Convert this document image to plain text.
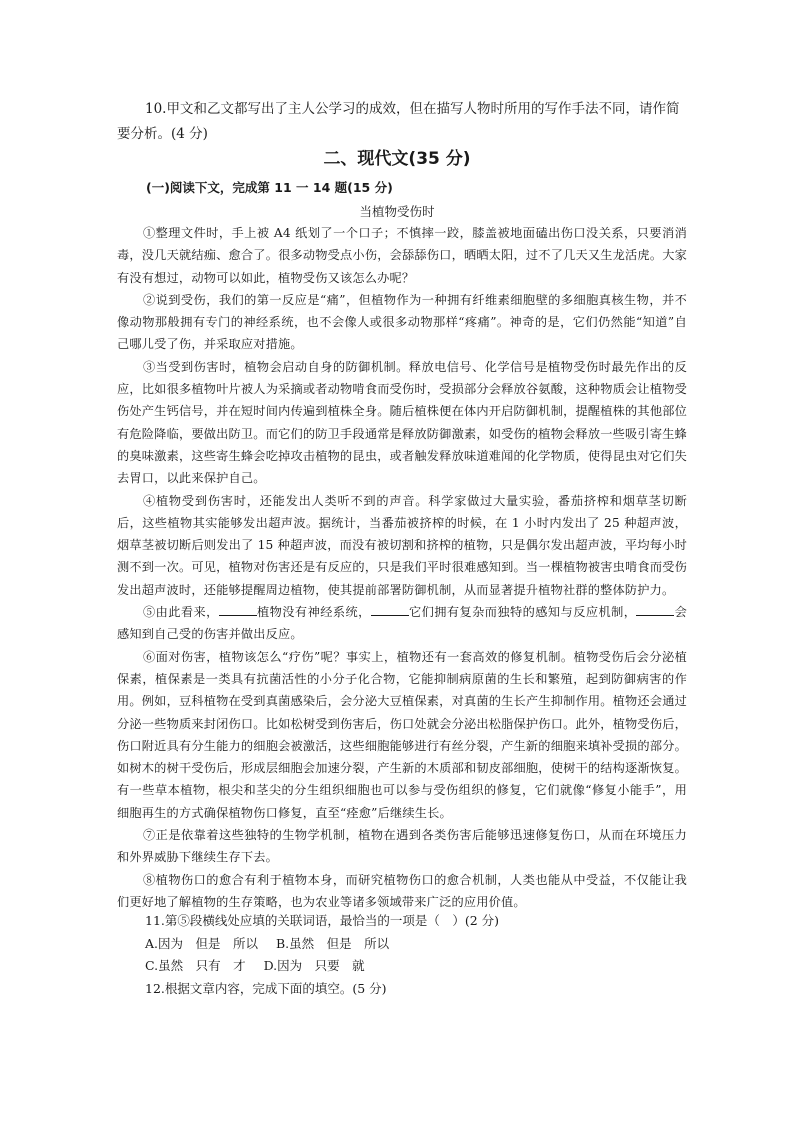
10.甲文和乙文都写出了主人公学习的成效，但在描写人物时所用的写作手法不同，请作简要分析。(4 分)

二、现代文(35 分)

(一)阅读下文，完成第 11 一 14 题(15 分)

当植物受伤时

①整理文件时，手上被 A4 纸划了一个口子；不慎摔一跤，膝盖被地面磕出伤口没关系，只要消消毒，没几天就结痂、愈合了。很多动物受点小伤，会舔舔伤口，晒晒太阳，过不了几天又生龙活虎。大家有没有想过，动物可以如此，植物受伤又该怎么办呢？

②说到受伤，我们的第一反应是“痛”，但植物作为一种拥有纤维素细胞壁的多细胞真核生物，并不像动物那般拥有专门的神经系统，也不会像人或很多动物那样“疼痛”。神奇的是，它们仍然能“知道”自己哪儿受了伤，并采取应对措施。

③当受到伤害时，植物会启动自身的防御机制。释放电信号、化学信号是植物受伤时最先作出的反应，比如很多植物叶片被人为采摘或者动物啃食而受伤时，受损部分会释放谷氨酸，这种物质会让植物受伤处产生钙信号，并在短时间内传遍到植株全身。随后植株便在体内开启防御机制，提醒植株的其他部位有危险降临，要做出防卫。而它们的防卫手段通常是释放防御激素，如受伤的植物会释放一些吸引寄生蜂的臭味激素，这些寄生蜂会吃掉攻击植物的昆虫，或者触发释放味道难闻的化学物质，使得昆虫对它们失去胃口，以此来保护自己。

④植物受到伤害时，还能发出人类听不到的声音。科学家做过大量实验，番茄挤榨和烟草茎切断后，这些植物其实能够发出超声波。据统计，当番茄被挤榨的时候，在 1 小时内发出了 25 种超声波，烟草茎被切断后则发出了 15 种超声波，而没有被切割和挤榨的植物，只是偶尔发出超声波，平均每小时测不到一次。可见，植物对伤害还是有反应的，只是我们平时很难感知到。当一棵植物被害虫啃食而受伤发出超声波时，还能够提醒周边植物，使其提前部署防御机制，从而显著提升植物社群的整体防护力。

⑤由此看来，	植物没有神经系统，	它们拥有复杂而独特的感知与反应机制，	会感知到自己受的伤害并做出反应。

⑥面对伤害，植物该怎么“疗伤”呢？事实上，植物还有一套高效的修复机制。植物受伤后会分泌植保素，植保素是一类具有抗菌活性的小分子化合物，它能抑制病原菌的生长和繁殖，起到防御病害的作用。例如，豆科植物在受到真菌感染后，会分泌大豆植保素，对真菌的生长产生抑制作用。植物还会通过分泌一些物质来封闭伤口。比如松树受到伤害后，伤口处就会分泌出松脂保护伤口。此外，植物受伤后，伤口附近具有分生能力的细胞会被激活，这些细胞能够进行有丝分裂，产生新的细胞来填补受损的部分。如树木的树干受伤后，形成层细胞会加速分裂，产生新的木质部和韧皮部细胞，使树干的结构逐渐恢复。有一些草本植物，根尖和茎尖的分生组织细胞也可以参与受伤组织的修复，它们就像“修复小能手”，用细胞再生的方式确保植物伤口修复，直至“痊愈”后继续生长。

⑦正是依靠着这些独特的生物学机制，植物在遇到各类伤害后能够迅速修复伤口，从而在环境压力和外界威胁下继续生存下去。

⑧植物伤口的愈合有利于植物本身，而研究植物伤口的愈合机制，人类也能从中受益，不仅能让我们更好地了解植物的生存策略，也为农业等诸多领域带来广泛的应用价值。

11.第⑤段横线处应填的关联词语，最恰当的一项是（　）(2 分)

A.因为　但是　所以 B.虽然　但是　所以
C.虽然　只有　才 D.因为　只要　就

12.根据文章内容，完成下面的填空。(5 分)
